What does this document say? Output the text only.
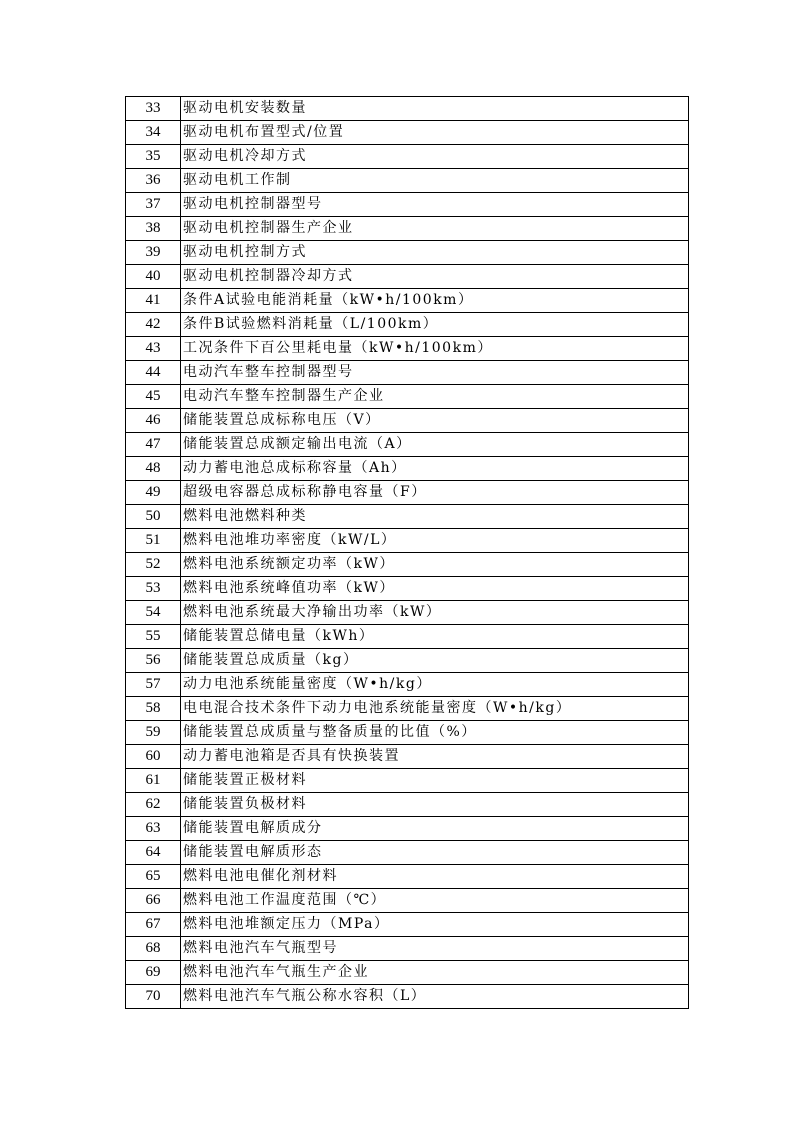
33	驱动电机安装数量
34	驱动电机布置型式/位置
35	驱动电机冷却方式
36	驱动电机工作制
37	驱动电机控制器型号
38	驱动电机控制器生产企业
39	驱动电机控制方式
40	驱动电机控制器冷却方式
41	条件A试验电能消耗量（kW•h/100km）
42	条件B试验燃料消耗量（L/100km）
43	工况条件下百公里耗电量（kW•h/100km）
44	电动汽车整车控制器型号
45	电动汽车整车控制器生产企业
46	储能装置总成标称电压（V）
47	储能装置总成额定输出电流（A）
48	动力蓄电池总成标称容量（Ah）
49	超级电容器总成标称静电容量（F）
50	燃料电池燃料种类
51	燃料电池堆功率密度（kW/L）
52	燃料电池系统额定功率（kW）
53	燃料电池系统峰值功率（kW）
54	燃料电池系统最大净输出功率（kW）
55	储能装置总储电量（kWh）
56	储能装置总成质量（kg）
57	动力电池系统能量密度（W•h/kg）
58	电电混合技术条件下动力电池系统能量密度（W•h/kg）
59	储能装置总成质量与整备质量的比值（%）
60	动力蓄电池箱是否具有快换装置
61	储能装置正极材料
62	储能装置负极材料
63	储能装置电解质成分
64	储能装置电解质形态
65	燃料电池电催化剂材料
66	燃料电池工作温度范围（℃）
67	燃料电池堆额定压力（MPa）
68	燃料电池汽车气瓶型号
69	燃料电池汽车气瓶生产企业
70	燃料电池汽车气瓶公称水容积（L）
